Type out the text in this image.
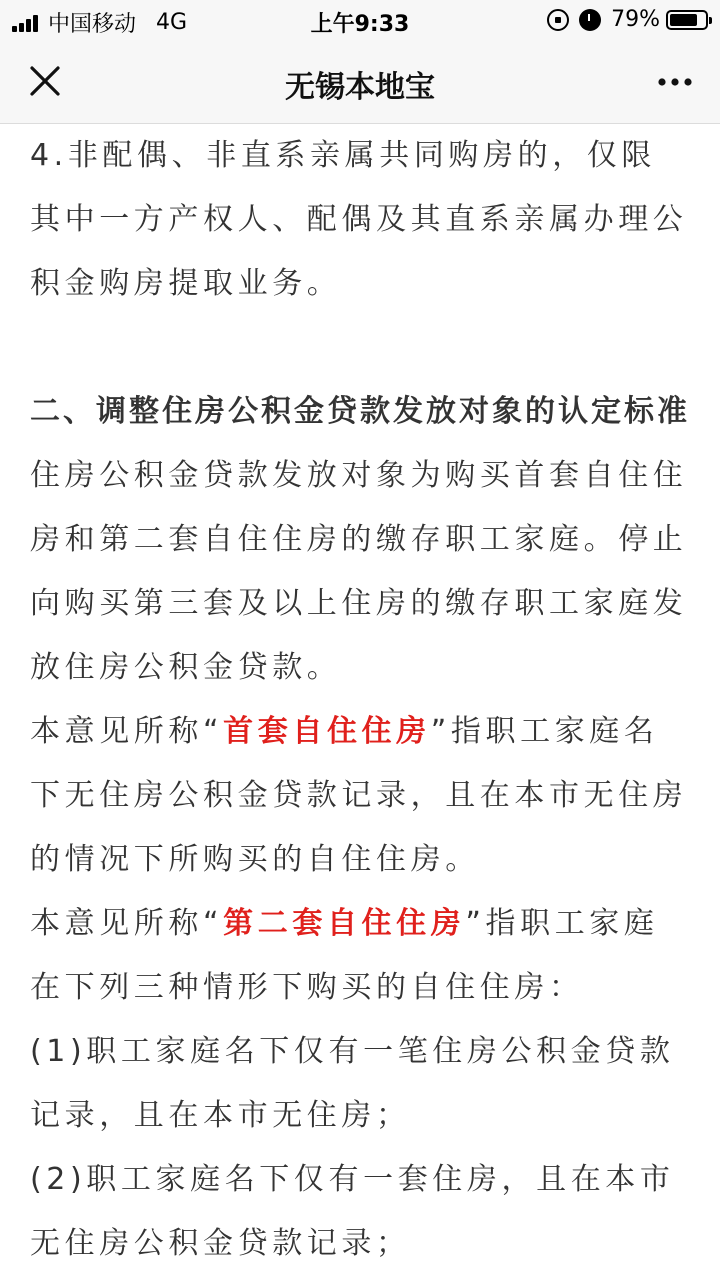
中国移动 4G	上午9:33	79%
无锡本地宝

4.非配偶、非直系亲属共同购房的，仅限其中一方产权人、配偶及其直系亲属办理公积金购房提取业务。

二、调整住房公积金贷款发放对象的认定标准

住房公积金贷款发放对象为购买首套自住住房和第二套自住住房的缴存职工家庭。停止向购买第三套及以上住房的缴存职工家庭发放住房公积金贷款。

本意见所称“首套自住住房”指职工家庭名下无住房公积金贷款记录，且在本市无住房的情况下所购买的自住住房。

本意见所称“第二套自住住房”指职工家庭在下列三种情形下购买的自住住房：

(1)职工家庭名下仅有一笔住房公积金贷款记录，且在本市无住房；

(2)职工家庭名下仅有一套住房，且在本市无住房公积金贷款记录；
